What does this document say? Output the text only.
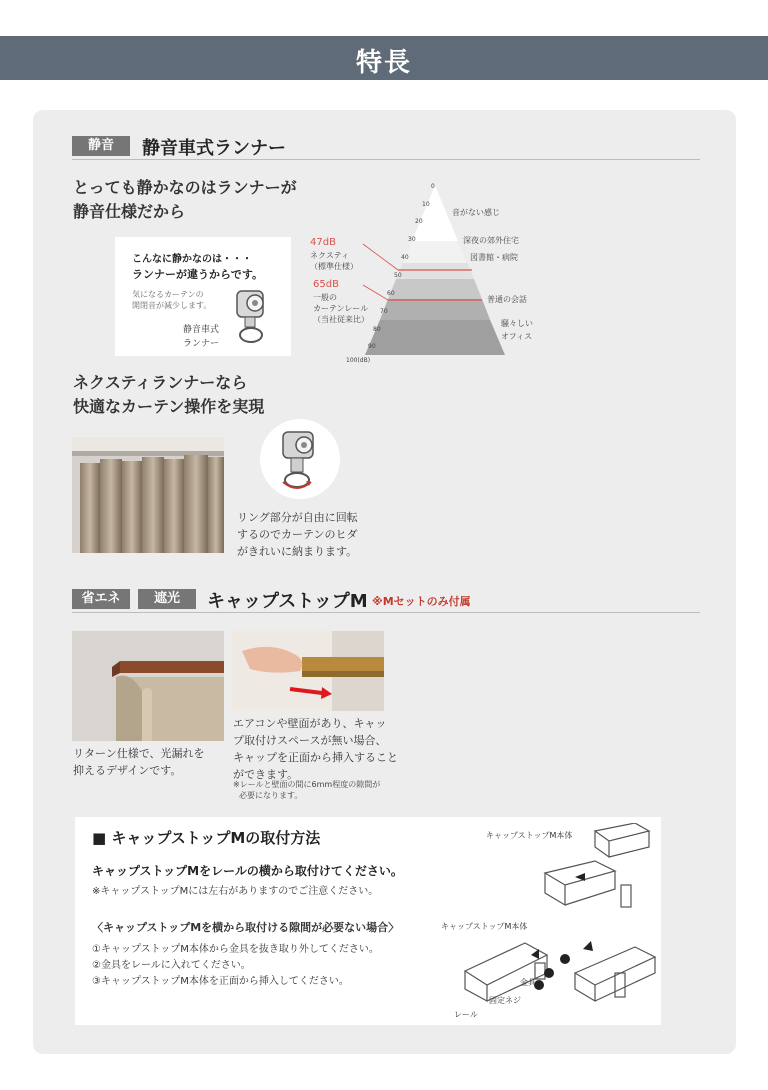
特長
静音	静音車式ランナー
とっても静かなのはランナーが
静音仕様だから
こんなに静かなのは・・・
ランナーが違うからです。
気になるカーテンの
開閉音が減少します。
静音車式
ランナー
0
10
20
30
40
50
60
70
80
90
100(dB)
音がない感じ
深夜の郊外住宅
図書館・病院
普通の会話
騒々しい
オフィス
47dB
ネクスティ
（標準仕様）
65dB
一般の
カーテンレール
（当社従来比）
ネクスティランナーなら
快適なカーテン操作を実現
リング部分が自由に回転
するのでカーテンのヒダ
がきれいに納まります。
省エネ	遮光	キャップストップM ※Mセットのみ付属
リターン仕様で、光漏れを
抑えるデザインです。
エアコンや壁面があり、キャッ
プ取付けスペースが無い場合、
キャップを正面から挿入すること
ができます。
※レールと壁面の間に6mm程度の隙間が
必要になります。
■ キャップストップMの取付方法
キャップストップMをレールの横から取付けてください。
※キャップストップMには左右がありますのでご注意ください。
〈キャップストップMを横から取付ける隙間が必要ない場合〉
①キャップストップM本体から金具を抜き取り外してください。
②金具をレールに入れてください。
③キャップストップM本体を正面から挿入してください。
キャップストップM本体
キャップストップM本体
金具
固定ネジ
レール
